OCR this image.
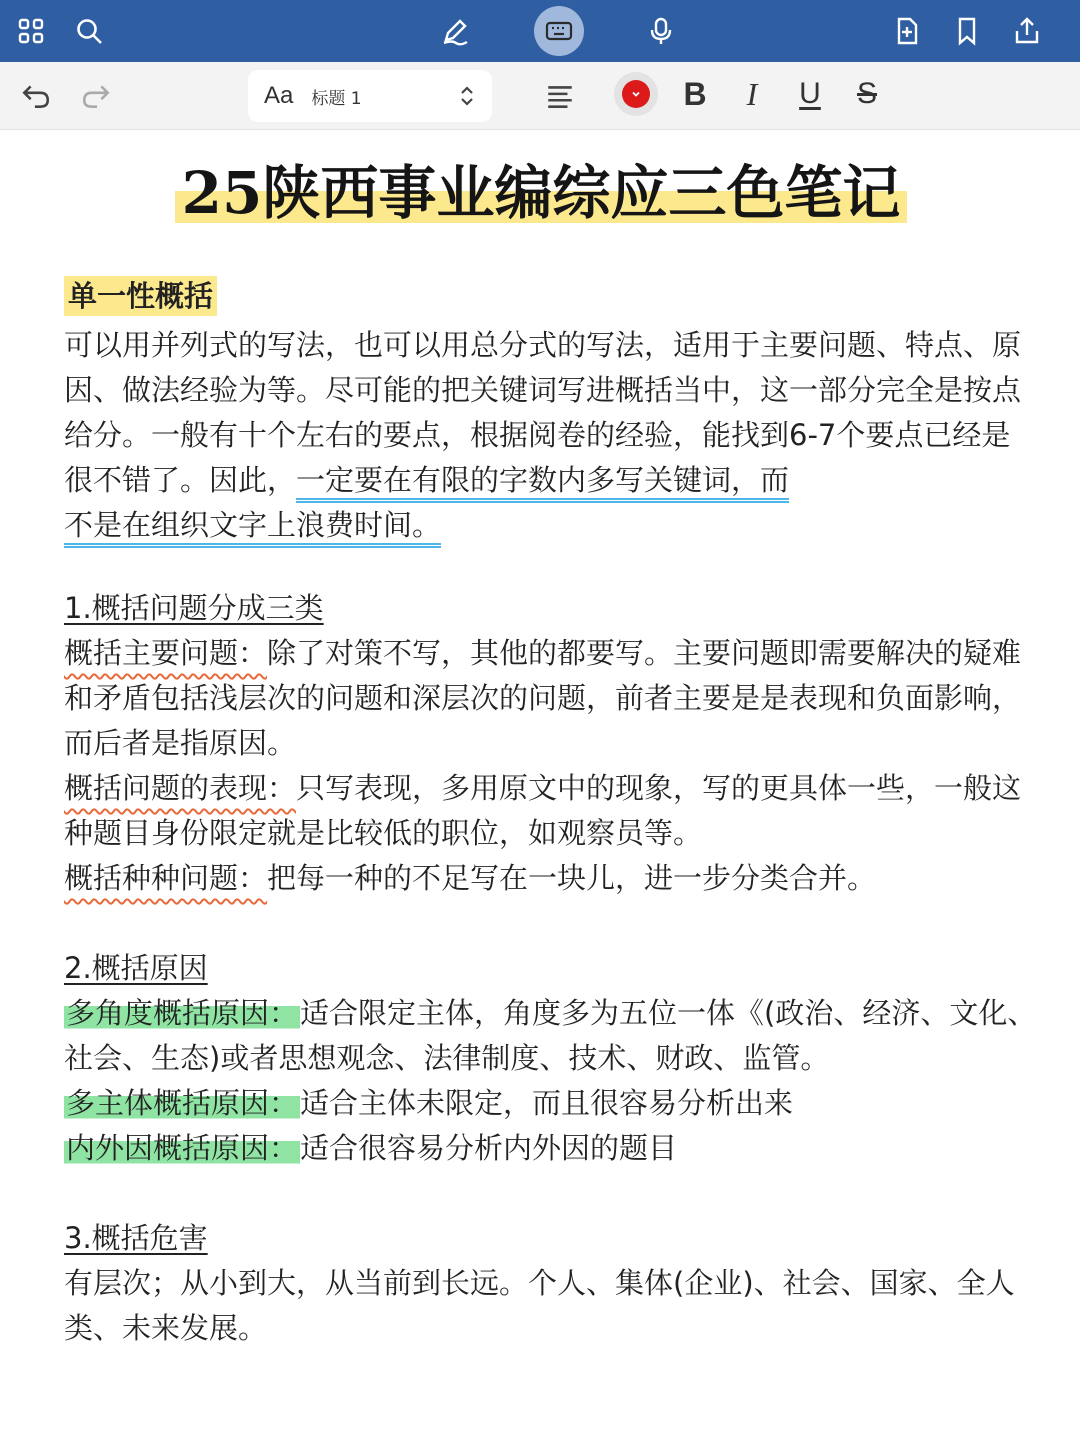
Aa 标题 1	B	I	U	S
25陕西事业编综应三色笔记

单一性概括

可以用并列式的写法，也可以用总分式的写法，适用于主要问题、特点、原因、做法经验为等。尽可能的把关键词写进概括当中，这一部分完全是按点给分。一般有十个左右的要点，根据阅卷的经验，能找到6-7个要点已经是很不错了。因此，一定要在有限的字数内多写关键词，而
不是在组织文字上浪费时间。

1.概括问题分成三类

概括主要问题：除了对策不写，其他的都要写。主要问题即需要解决的疑难和矛盾包括浅层次的问题和深层次的问题，前者主要是是表现和负面影响，而后者是指原因。

概括问题的表现：只写表现，多用原文中的现象，写的更具体一些，一般这种题目身份限定就是比较低的职位，如观察员等。

概括种种问题：把每一种的不足写在一块儿，进一步分类合并。

2.概括原因

多角度概括原因：适合限定主体，角度多为五位一体《(政治、经济、文化、社会、生态)或者思想观念、法律制度、技术、财政、监管。

多主体概括原因：适合主体未限定，而且很容易分析出来

内外因概括原因：适合很容易分析内外因的题目

3.概括危害

有层次；从小到大，从当前到长远。个人、集体(企业)、社会、国家、全人类、未来发展。
